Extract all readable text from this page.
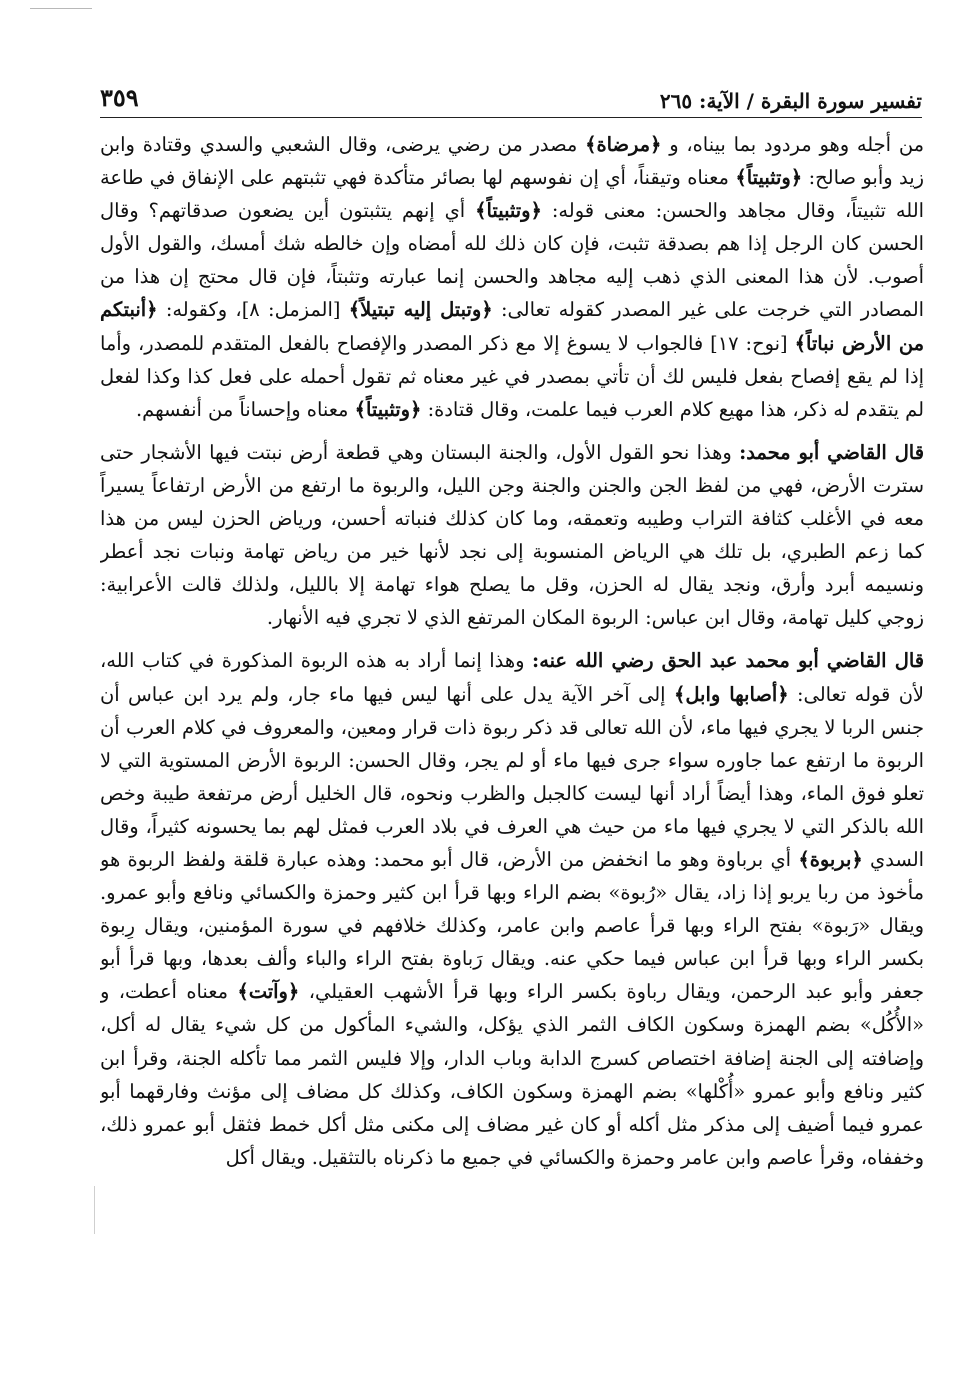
تفسير سورة البقرة / الآية: ٢٦٥
٣٥٩

من أجله وهو مردود بما بيناه، و ﴿مرضاة﴾ مصدر من رضي يرضى، وقال الشعبي والسدي وقتادة وابن زيد وأبو صالح: ﴿وتثبيتاً﴾ معناه وتيقناً، أي إن نفوسهم لها بصائر متأكدة فهي تثبتهم على الإنفاق في طاعة الله تثبيتاً، وقال مجاهد والحسن: معنى قوله: ﴿وتثبيتاً﴾ أي إنهم يتثبتون أين يضعون صدقاتهم؟ وقال الحسن كان الرجل إذا هم بصدقة تثبت، فإن كان ذلك لله أمضاه وإن خالطه شك أمسك، والقول الأول أصوب. لأن هذا المعنى الذي ذهب إليه مجاهد والحسن إنما عبارته وتثبتاً، فإن قال محتج إن هذا من المصادر التي خرجت على غير المصدر كقوله تعالى: ﴿وتبتل إليه تبتيلاً﴾ [المزمل: ٨]، وكقوله: ﴿أنبتكم من الأرض نباتاً﴾ [نوح: ١٧] فالجواب لا يسوغ إلا مع ذكر المصدر والإفصاح بالفعل المتقدم للمصدر، وأما إذا لم يقع إفصاح بفعل فليس لك أن تأتي بمصدر في غير معناه ثم تقول أحمله على فعل كذا وكذا لفعل لم يتقدم له ذكر، هذا مهيع كلام العرب فيما علمت، وقال قتادة: ﴿وتثبيتاً﴾ معناه وإحساناً من أنفسهم.

قال القاضي أبو محمد: وهذا نحو القول الأول، والجنة البستان وهي قطعة أرض نبتت فيها الأشجار حتى سترت الأرض، فهي من لفظ الجن والجنن والجنة وجن الليل، والربوة ما ارتفع من الأرض ارتفاعاً يسيراً معه في الأغلب كثافة التراب وطيبه وتعمقه، وما كان كذلك فنباته أحسن، ورياض الحزن ليس من هذا كما زعم الطبري، بل تلك هي الرياض المنسوبة إلى نجد لأنها خير من رياض تهامة ونبات نجد أعطر ونسيمه أبرد وأرق، ونجد يقال له الحزن، وقل ما يصلح هواء تهامة إلا بالليل، ولذلك قالت الأعرابية: زوجي كليل تهامة، وقال ابن عباس: الربوة المكان المرتفع الذي لا تجري فيه الأنهار.

قال القاضي أبو محمد عبد الحق رضي الله عنه: وهذا إنما أراد به هذه الربوة المذكورة في كتاب الله، لأن قوله تعالى: ﴿أصابها وابل﴾ إلى آخر الآية يدل على أنها ليس فيها ماء جار، ولم يرد ابن عباس أن جنس الربا لا يجري فيها ماء، لأن الله تعالى قد ذكر ربوة ذات قرار ومعين، والمعروف في كلام العرب أن الربوة ما ارتفع عما جاوره سواء جرى فيها ماء أو لم يجر، وقال الحسن: الربوة الأرض المستوية التي لا تعلو فوق الماء، وهذا أيضاً أراد أنها ليست كالجبل والظرب ونحوه، قال الخليل أرض مرتفعة طيبة وخص الله بالذكر التي لا يجري فيها ماء من حيث هي العرف في بلاد العرب فمثل لهم بما يحسونه كثيراً، وقال السدي ﴿بربوة﴾ أي برباوة وهو ما انخفض من الأرض، قال أبو محمد: وهذه عبارة قلقة ولفظ الربوة هو مأخوذ من ربا يربو إذا زاد، يقال «رُبوة» بضم الراء وبها قرأ ابن كثير وحمزة والكسائي ونافع وأبو عمرو. ويقال «رَبوة» بفتح الراء وبها قرأ عاصم وابن عامر، وكذلك خلافهم في سورة المؤمنين، ويقال رِبوة بكسر الراء وبها قرأ ابن عباس فيما حكي عنه. ويقال رَباوة بفتح الراء والباء وألف بعدها، وبها قرأ أبو جعفر وأبو عبد الرحمن، ويقال رباوة بكسر الراء وبها قرأ الأشهب العقيلي، ﴿وآتت﴾ معناه أعطت، و «الأُكُل» بضم الهمزة وسكون الكاف الثمر الذي يؤكل، والشيء المأكول من كل شيء يقال له أكل، وإضافته إلى الجنة إضافة اختصاص كسرج الدابة وباب الدار، وإلا فليس الثمر مما تأكله الجنة، وقرأ ابن كثير ونافع وأبو عمرو «أُكْلها» بضم الهمزة وسكون الكاف، وكذلك كل مضاف إلى مؤنث وفارقهما أبو عمرو فيما أضيف إلى مذكر مثل أكله أو كان غير مضاف إلى مكنى مثل أكل خمط فثقل أبو عمرو ذلك، وخففاه، وقرأ عاصم وابن عامر وحمزة والكسائي في جميع ما ذكرناه بالتثقيل. ويقال أكل
